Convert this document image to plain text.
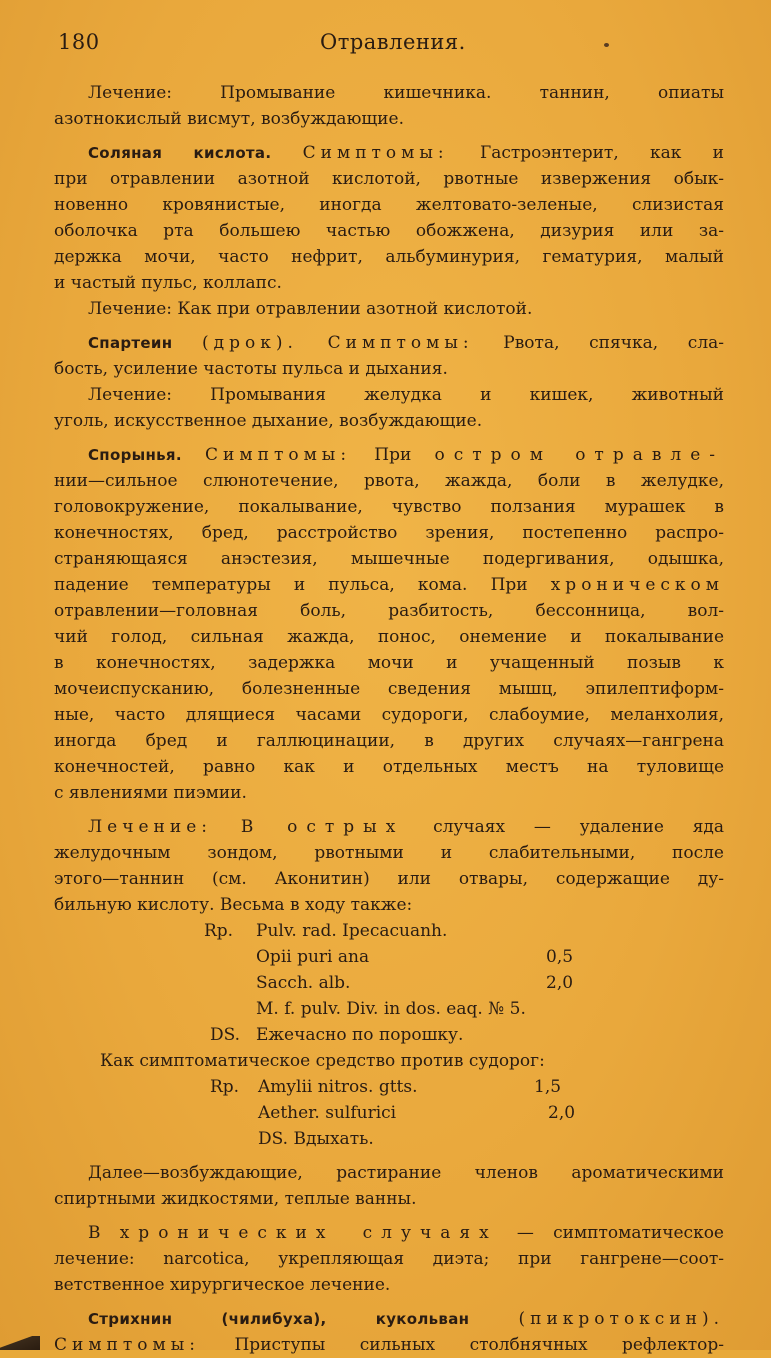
180	Отравления.

Лечение: Промывание кишечника. таннин, опиаты

азотнокислый висмут, возбуждающие.

Соляная кислота. Симптомы: Гастроэнтерит, как и

при отравлении азотной кислотой, рвотные извержения обык-

новенно кровянистые, иногда желтовато-зеленые, слизистая

оболочка рта большею частью обожжена, дизурия или за-

держка мочи, часто нефрит, альбуминурия, гематурия, малый

и частый пульс, коллапс.

Лечение: Как при отравлении азотной кислотой.

Спартеин (дрок). Симптомы: Рвота, спячка, сла-

бость, усиление частоты пульса и дыхания.

Лечение: Промывания желудка и кишек, животный

уголь, искусственное дыхание, возбуждающие.

Спорынья. Симптомы: При остром отравле-

нии—сильное слюнотечение, рвота, жажда, боли в желудке,

головокружение, покалывание, чувство ползания мурашек в

конечностях, бред, расстройство зрения, постепенно распро-

страняющаяся анэстезия, мышечные подергивания, одышка,

падение температуры и пульса, кома. При хроническом

отравлении—головная боль, разбитость, бессонница, вол-

чий голод, сильная жажда, понос, онемение и покалывание

в конечностях, задержка мочи и учащенный позыв к

мочеиспусканию, болезненные сведения мышц, эпилептиформ-

ные, часто длящиеся часами судороги, слабоумие, меланхолия,

иногда бред и галлюцинации, в других случаях—гангрена

конечностей, равно как и отдельных местъ на туловище

с явлениями пиэмии.

Лечение: В острых случаях — удаление яда

желудочным зондом, рвотными и слабительными, после

этого—таннин (см. Аконитин) или отвары, содержащие ду-

бильную кислоту. Весьма в ходу также:

Rp. Pulv. rad. Ipecacuanh.
Opii puri ana	0,5
Sacch. alb.	2,0
M. f. pulv. Div. in dos. eaq. № 5.
DS. Ежечасно по порошку.

Как симптоматическое средство против судорог:

Rp. Amylii nitros. gtts.	1,5
Aether. sulfurici	2,0
DS. Вдыхать.

Далее—возбуждающие, растирание членов ароматическими

спиртными жидкостями, теплые ванны.

В хронических случаях — симптоматическое

лечение: narcotica, укрепляющая диэта; при гангрене—соот-

ветственное хирургическое лечение.

Стрихнин	(чилибуха),	кукольван	(пикротоксин).

Симптомы: Приступы сильных столбнячных рефлектор-
